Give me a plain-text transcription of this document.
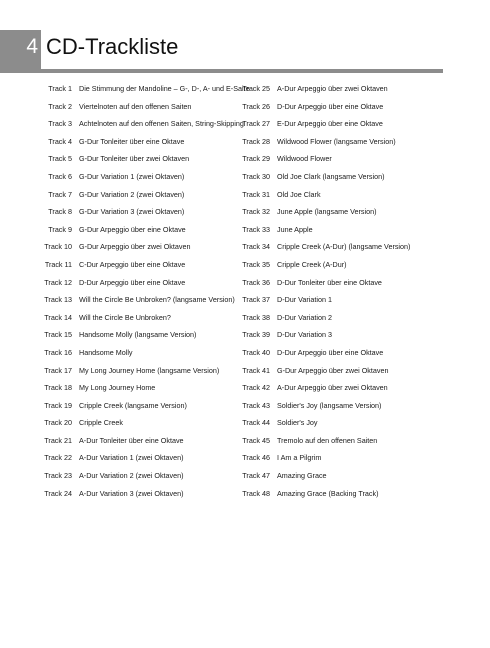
4 CD-Trackliste
Track 1 Die Stimmung der Mandoline – G-, D-, A- und E-Saite
Track 2 Viertelnoten auf den offenen Saiten
Track 3 Achtelnoten auf den offenen Saiten, String-Skipping
Track 4 G-Dur Tonleiter über eine Oktave
Track 5 G-Dur Tonleiter über zwei Oktaven
Track 6 G-Dur Variation 1 (zwei Oktaven)
Track 7 G-Dur Variation 2 (zwei Oktaven)
Track 8 G-Dur Variation 3 (zwei Oktaven)
Track 9 G-Dur Arpeggio über eine Oktave
Track 10 G-Dur Arpeggio über zwei Oktaven
Track 11 C-Dur Arpeggio über eine Oktave
Track 12 D-Dur Arpeggio über eine Oktave
Track 13 Will the Circle Be Unbroken? (langsame Version)
Track 14 Will the Circle Be Unbroken?
Track 15 Handsome Molly (langsame Version)
Track 16 Handsome Molly
Track 17 My Long Journey Home (langsame Version)
Track 18 My Long Journey Home
Track 19 Cripple Creek (langsame Version)
Track 20 Cripple Creek
Track 21 A-Dur Tonleiter über eine Oktave
Track 22 A-Dur Variation 1 (zwei Oktaven)
Track 23 A-Dur Variation 2 (zwei Oktaven)
Track 24 A-Dur Variation 3 (zwei Oktaven)
Track 25 A-Dur Arpeggio über zwei Oktaven
Track 26 D-Dur Arpeggio über eine Oktave
Track 27 E-Dur Arpeggio über eine Oktave
Track 28 Wildwood Flower (langsame Version)
Track 29 Wildwood Flower
Track 30 Old Joe Clark (langsame Version)
Track 31 Old Joe Clark
Track 32 June Apple (langsame Version)
Track 33 June Apple
Track 34 Cripple Creek (A-Dur) (langsame Version)
Track 35 Cripple Creek (A-Dur)
Track 36 D-Dur Tonleiter über eine Oktave
Track 37 D-Dur Variation 1
Track 38 D-Dur Variation 2
Track 39 D-Dur Variation 3
Track 40 D-Dur Arpeggio über eine Oktave
Track 41 G-Dur Arpeggio über zwei Oktaven
Track 42 A-Dur Arpeggio über zwei Oktaven
Track 43 Soldier's Joy (langsame Version)
Track 44 Soldier's Joy
Track 45 Tremolo auf den offenen Saiten
Track 46 I Am a Pilgrim
Track 47 Amazing Grace
Track 48 Amazing Grace (Backing Track)
